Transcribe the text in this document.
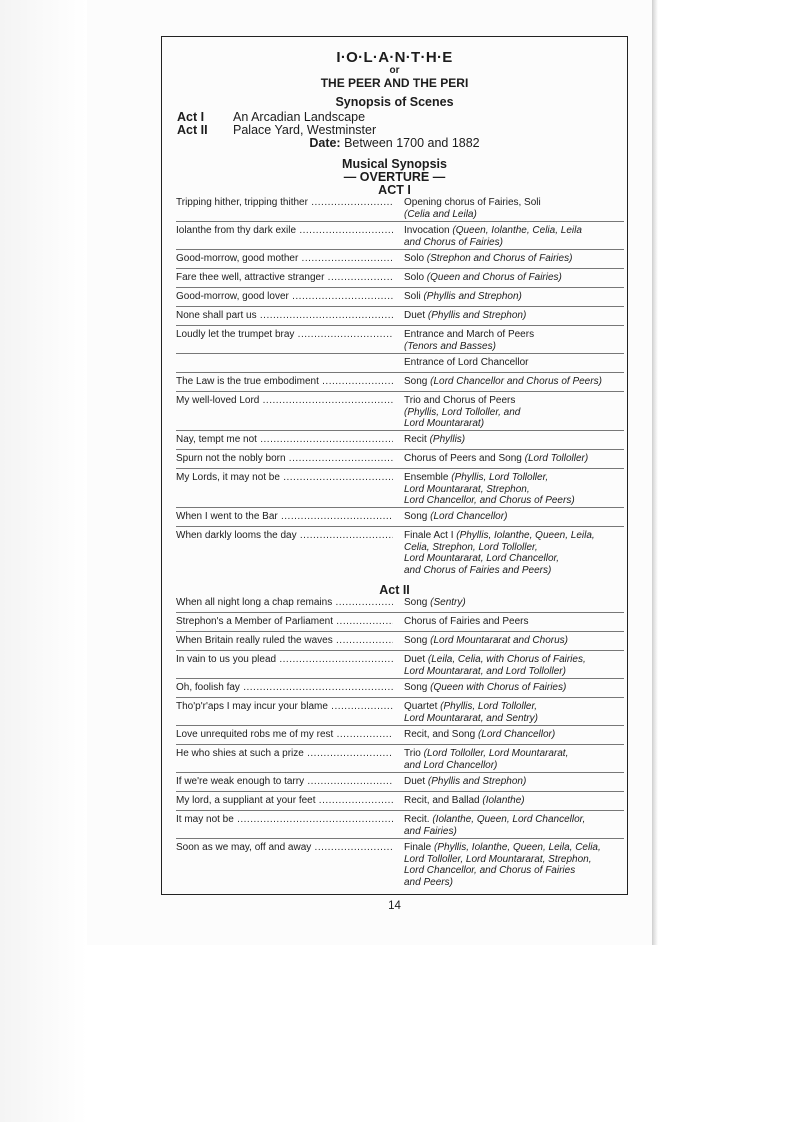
I·O·L·A·N·T·H·E
or
THE PEER AND THE PERI
Synopsis of Scenes
Act I An Arcadian Landscape
Act II Palace Yard, Westminster
Date: Between 1700 and 1882
Musical Synopsis
— OVERTURE —
ACT I
Act II
Tripping hither, tripping thither .....	Opening chorus of Fairies, Soli
(Celia and Leila)
Iolanthe from thy dark exile .....	Invocation (Queen, Iolanthe, Celia, Leila
and Chorus of Fairies)
Good-morrow, good mother .....	Solo (Strephon and Chorus of Fairies)
Fare thee well, attractive stranger .....	Solo (Queen and Chorus of Fairies)
Good-morrow, good lover .....	Soli (Phyllis and Strephon)
None shall part us .....	Duet (Phyllis and Strephon)
Loudly let the trumpet bray .....	Entrance and March of Peers
(Tenors and Basses)
Entrance of Lord Chancellor
The Law is the true embodiment .....	Song (Lord Chancellor and Chorus of Peers)
My well-loved Lord .....	Trio and Chorus of Peers
(Phyllis, Lord Tolloller, and
Lord Mountararat)
Nay, tempt me not .....	Recit (Phyllis)
Spurn not the nobly born .....	Chorus of Peers and Song (Lord Tolloller)
My Lords, it may not be .....	Ensemble (Phyllis, Lord Tolloller,
Lord Mountararat, Strephon,
Lord Chancellor, and Chorus of Peers)
When I went to the Bar .....	Song (Lord Chancellor)
When darkly looms the day .....	Finale Act I (Phyllis, Iolanthe, Queen, Leila,
Celia, Strephon, Lord Tolloller,
Lord Mountararat, Lord Chancellor,
and Chorus of Fairies and Peers)
When all night long a chap remains .....	Song (Sentry)
Strephon's a Member of Parliament .....	Chorus of Fairies and Peers
When Britain really ruled the waves .....	Song (Lord Mountararat and Chorus)
In vain to us you plead .....	Duet (Leila, Celia, with Chorus of Fairies,
Lord Mountararat, and Lord Tolloller)
Oh, foolish fay .....	Song (Queen with Chorus of Fairies)
Tho'p'r'aps I may incur your blame .....	Quartet (Phyllis, Lord Tolloller,
Lord Mountararat, and Sentry)
Love unrequited robs me of my rest .....	Recit, and Song (Lord Chancellor)
He who shies at such a prize .....	Trio (Lord Tolloller, Lord Mountararat,
and Lord Chancellor)
If we're weak enough to tarry .....	Duet (Phyllis and Strephon)
My lord, a suppliant at your feet .....	Recit, and Ballad (Iolanthe)
It may not be .....	Recit. (Iolanthe, Queen, Lord Chancellor,
and Fairies)
Soon as we may, off and away .....	Finale (Phyllis, Iolanthe, Queen, Leila, Celia,
Lord Tolloller, Lord Mountararat, Strephon,
Lord Chancellor, and Chorus of Fairies
and Peers)
14
